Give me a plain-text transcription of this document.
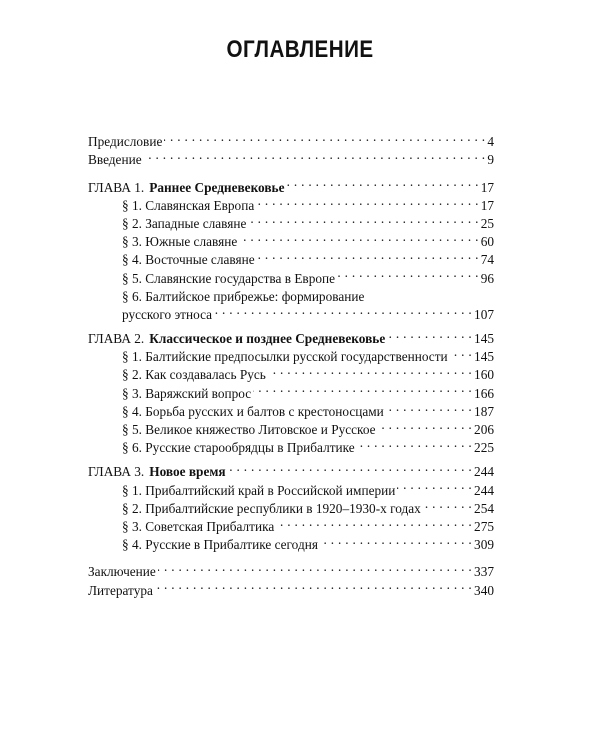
ОГЛАВЛЕНИЕ
Предисловие . . .	4
Введение . . .	9
ГЛАВА 1. Раннее Средневековье . . .	17
§ 1. Славянская Европа . . .	17
§ 2. Западные славяне . . .	25
§ 3. Южные славяне . . .	60
§ 4. Восточные славяне . . .	74
§ 5. Славянские государства в Европе . . .	96
§ 6. Балтийское прибрежье: формирование
русского этноса . . .	107
ГЛАВА 2. Классическое и позднее Средневековье . . .	145
§ 1. Балтийские предпосылки русской государственности . . . 145
§ 2. Как создавалась Русь . . .	160
§ 3. Варяжский вопрос . . .	166
§ 4. Борьба русских и балтов с крестоносцами . . .	187
§ 5. Великое княжество Литовское и Русское . . .	206
§ 6. Русские старообрядцы в Прибалтике . . .	225
ГЛАВА 3. Новое время . . .	244
§ 1. Прибалтийский край в Российской империи . . .	244
§ 2. Прибалтийские республики в 1920–1930-х годах . . .	254
§ 3. Советская Прибалтика . . .	275
§ 4. Русские в Прибалтике сегодня . . .	309
Заключение . . .	337
Литература . . .	340
